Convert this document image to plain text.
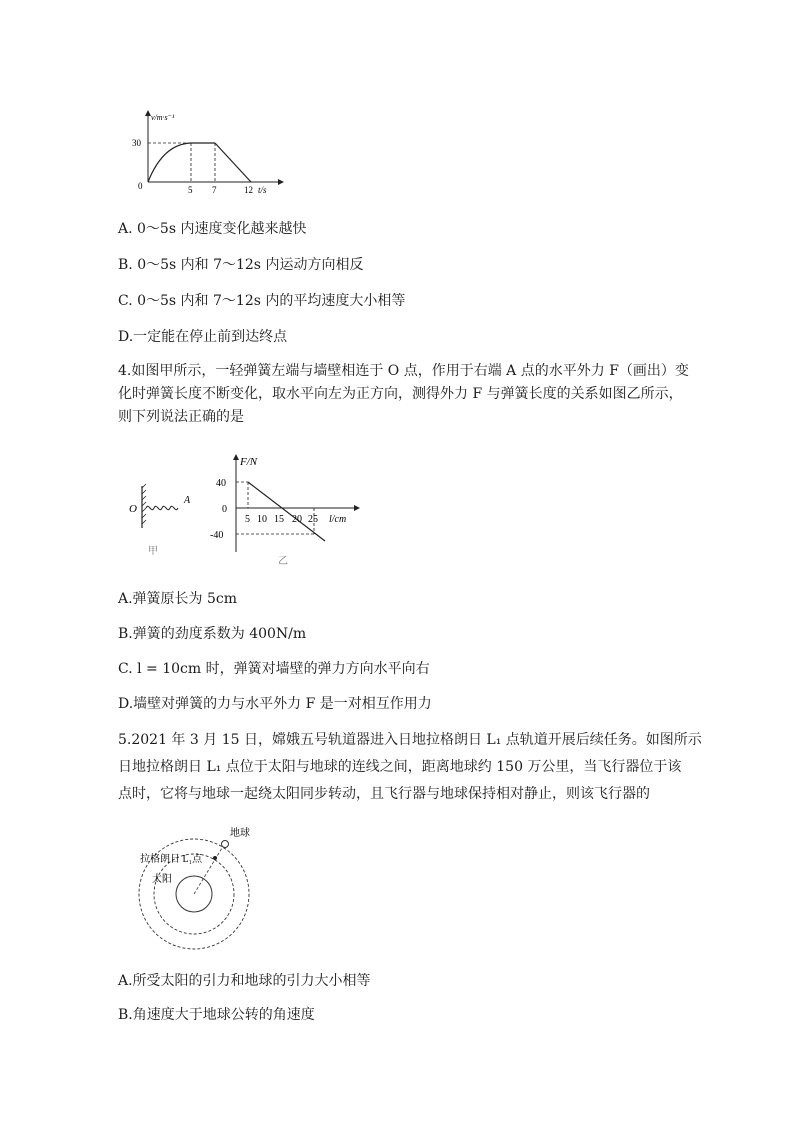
v/m·s⁻¹
30
0	5 7	12 t/s
A. 0～5s 内速度变化越来越快
B. 0～5s 内和 7～12s 内运动方向相反
C. 0～5s 内和 7～12s 内的平均速度大小相等
D.一定能在停止前到达终点
4.如图甲所示，一轻弹簧左端与墙壁相连于 O 点，作用于右端 A 点的水平外力 F（画出）变
化时弹簧长度不断变化，取水平向左为正方向，测得外力 F 与弹簧长度的关系如图乙所示，
则下列说法正确的是
O
A
甲
F/N
40
0
-40
5 10 15 20 25 l/cm
乙
A.弹簧原长为 5cm
B.弹簧的劲度系数为 400N/m
C. l = 10cm 时，弹簧对墙壁的弹力方向水平向右
D.墙壁对弹簧的力与水平外力 F 是一对相互作用力
5.2021 年 3 月 15 日，嫦娥五号轨道器进入日地拉格朗日 L₁ 点轨道开展后续任务。如图所示
日地拉格朗日 L₁ 点位于太阳与地球的连线之间，距离地球约 150 万公里，当飞行器位于该
点时，它将与地球一起绕太阳同步转动，且飞行器与地球保持相对静止，则该飞行器的
地球
拉格朗日 L₁点
太阳
A.所受太阳的引力和地球的引力大小相等
B.角速度大于地球公转的角速度
